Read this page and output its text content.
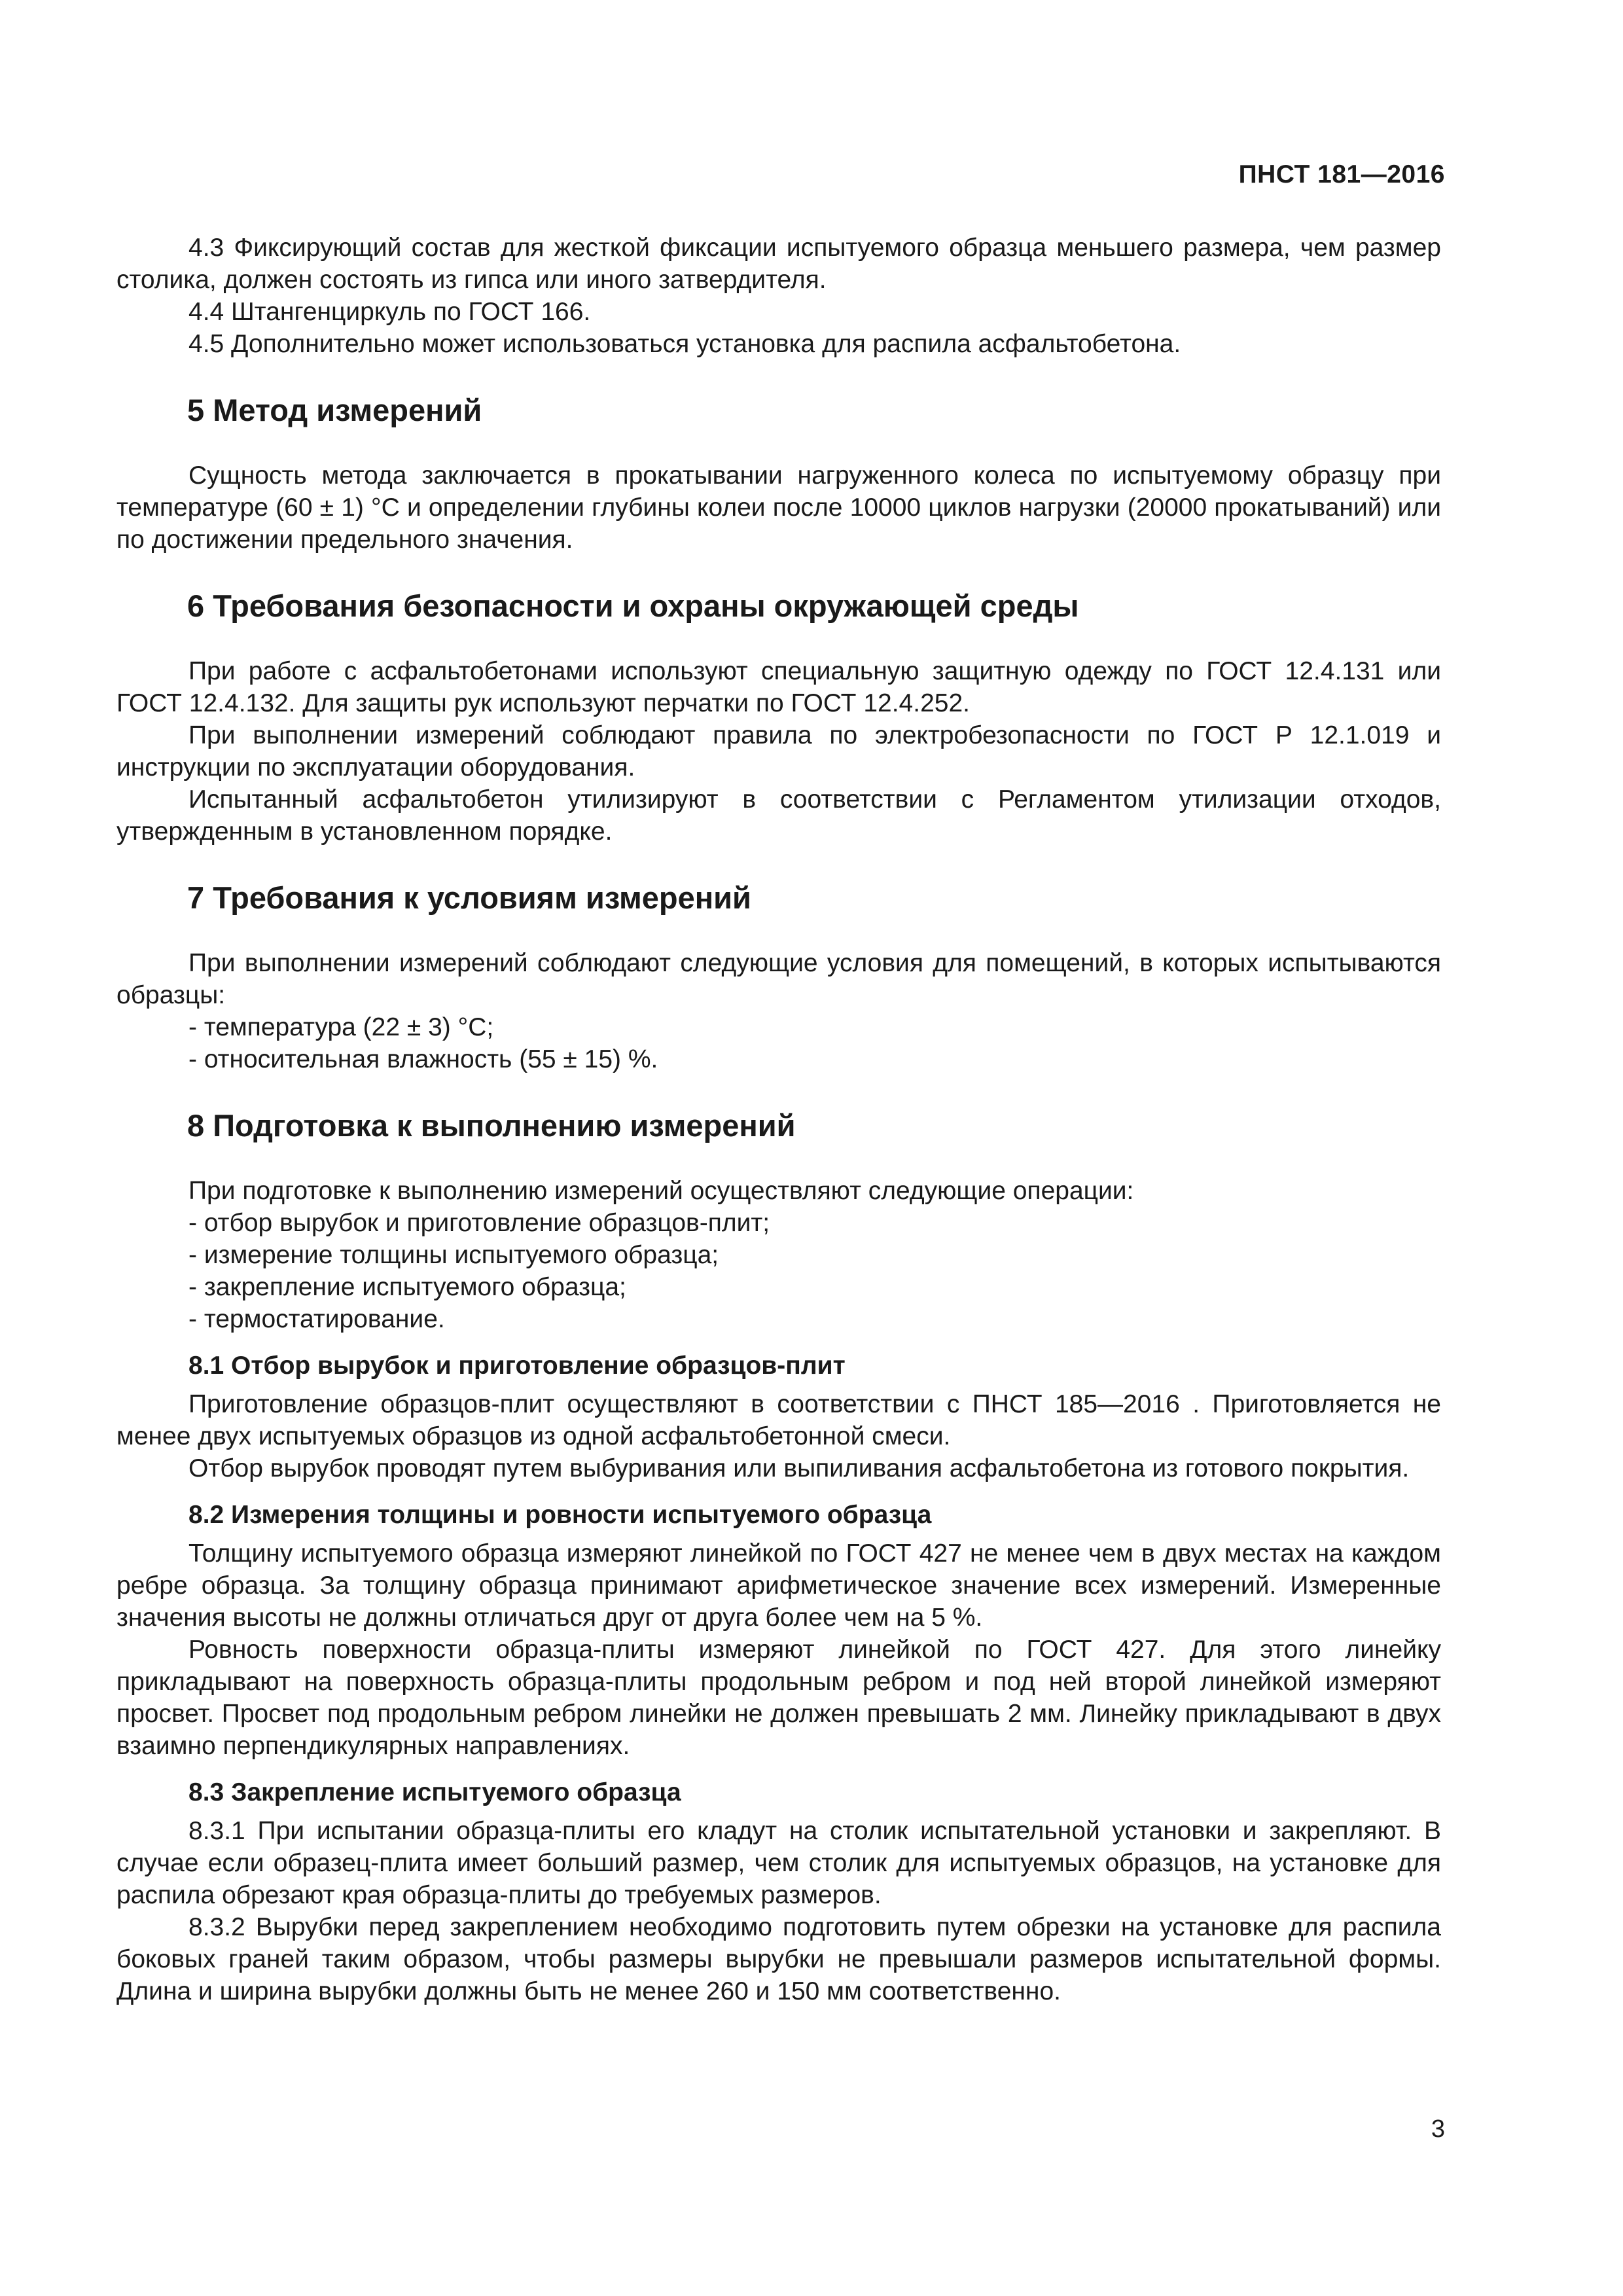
ПНСТ 181—2016

4.3 Фиксирующий состав для жесткой фиксации испытуемого образца меньшего размера, чем размер столика, должен состоять из гипса или иного затвердителя.

4.4 Штангенциркуль по ГОСТ 166.

4.5 Дополнительно может использоваться установка для распила асфальтобетона.

5 Метод измерений

Сущность метода заключается в прокатывании нагруженного колеса по испытуемому образцу при температуре (60 ± 1) °С и определении глубины колеи после 10000 циклов нагрузки (20000 прокатываний) или по достижении предельного значения.

6 Требования безопасности и охраны окружающей среды

При работе с асфальтобетонами используют специальную защитную одежду по ГОСТ 12.4.131 или ГОСТ 12.4.132. Для защиты рук используют перчатки по ГОСТ 12.4.252.

При выполнении измерений соблюдают правила по электробезопасности по ГОСТ Р 12.1.019 и инструкции по эксплуатации оборудования.

Испытанный асфальтобетон утилизируют в соответствии с Регламентом утилизации отходов, утвержденным в установленном порядке.

7 Требования к условиям измерений

При выполнении измерений соблюдают следующие условия для помещений, в которых испытываются образцы:

- температура (22 ± 3) °С;
- относительная влажность (55 ± 15) %.
8 Подготовка к выполнению измерений

При подготовке к выполнению измерений осуществляют следующие операции:

- отбор вырубок и приготовление образцов-плит;
- измерение толщины испытуемого образца;
- закрепление испытуемого образца;
- термостатирование.
8.1 Отбор вырубок и приготовление образцов-плит

Приготовление образцов-плит осуществляют в соответствии с ПНСТ 185—2016 . Приготовляется не менее двух испытуемых образцов из одной асфальтобетонной смеси.

Отбор вырубок проводят путем выбуривания или выпиливания асфальтобетона из готового покрытия.

8.2 Измерения толщины и ровности испытуемого образца

Толщину испытуемого образца измеряют линейкой по ГОСТ 427 не менее чем в двух местах на каждом ребре образца. За толщину образца принимают арифметическое значение всех измерений. Измеренные значения высоты не должны отличаться друг от друга более чем на 5 %.

Ровность поверхности образца-плиты измеряют линейкой по ГОСТ 427. Для этого линейку прикладывают на поверхность образца-плиты продольным ребром и под ней второй линейкой измеряют просвет. Просвет под продольным ребром линейки не должен превышать 2 мм. Линейку прикладывают в двух взаимно перпендикулярных направлениях.

8.3 Закрепление испытуемого образца

8.3.1 При испытании образца-плиты его кладут на столик испытательной установки и закрепляют. В случае если образец-плита имеет больший размер, чем столик для испытуемых образцов, на установке для распила обрезают края образца-плиты до требуемых размеров.

8.3.2 Вырубки перед закреплением необходимо подготовить путем обрезки на установке для распила боковых граней таким образом, чтобы размеры вырубки не превышали размеров испытательной формы. Длина и ширина вырубки должны быть не менее 260 и 150 мм соответственно.

3
